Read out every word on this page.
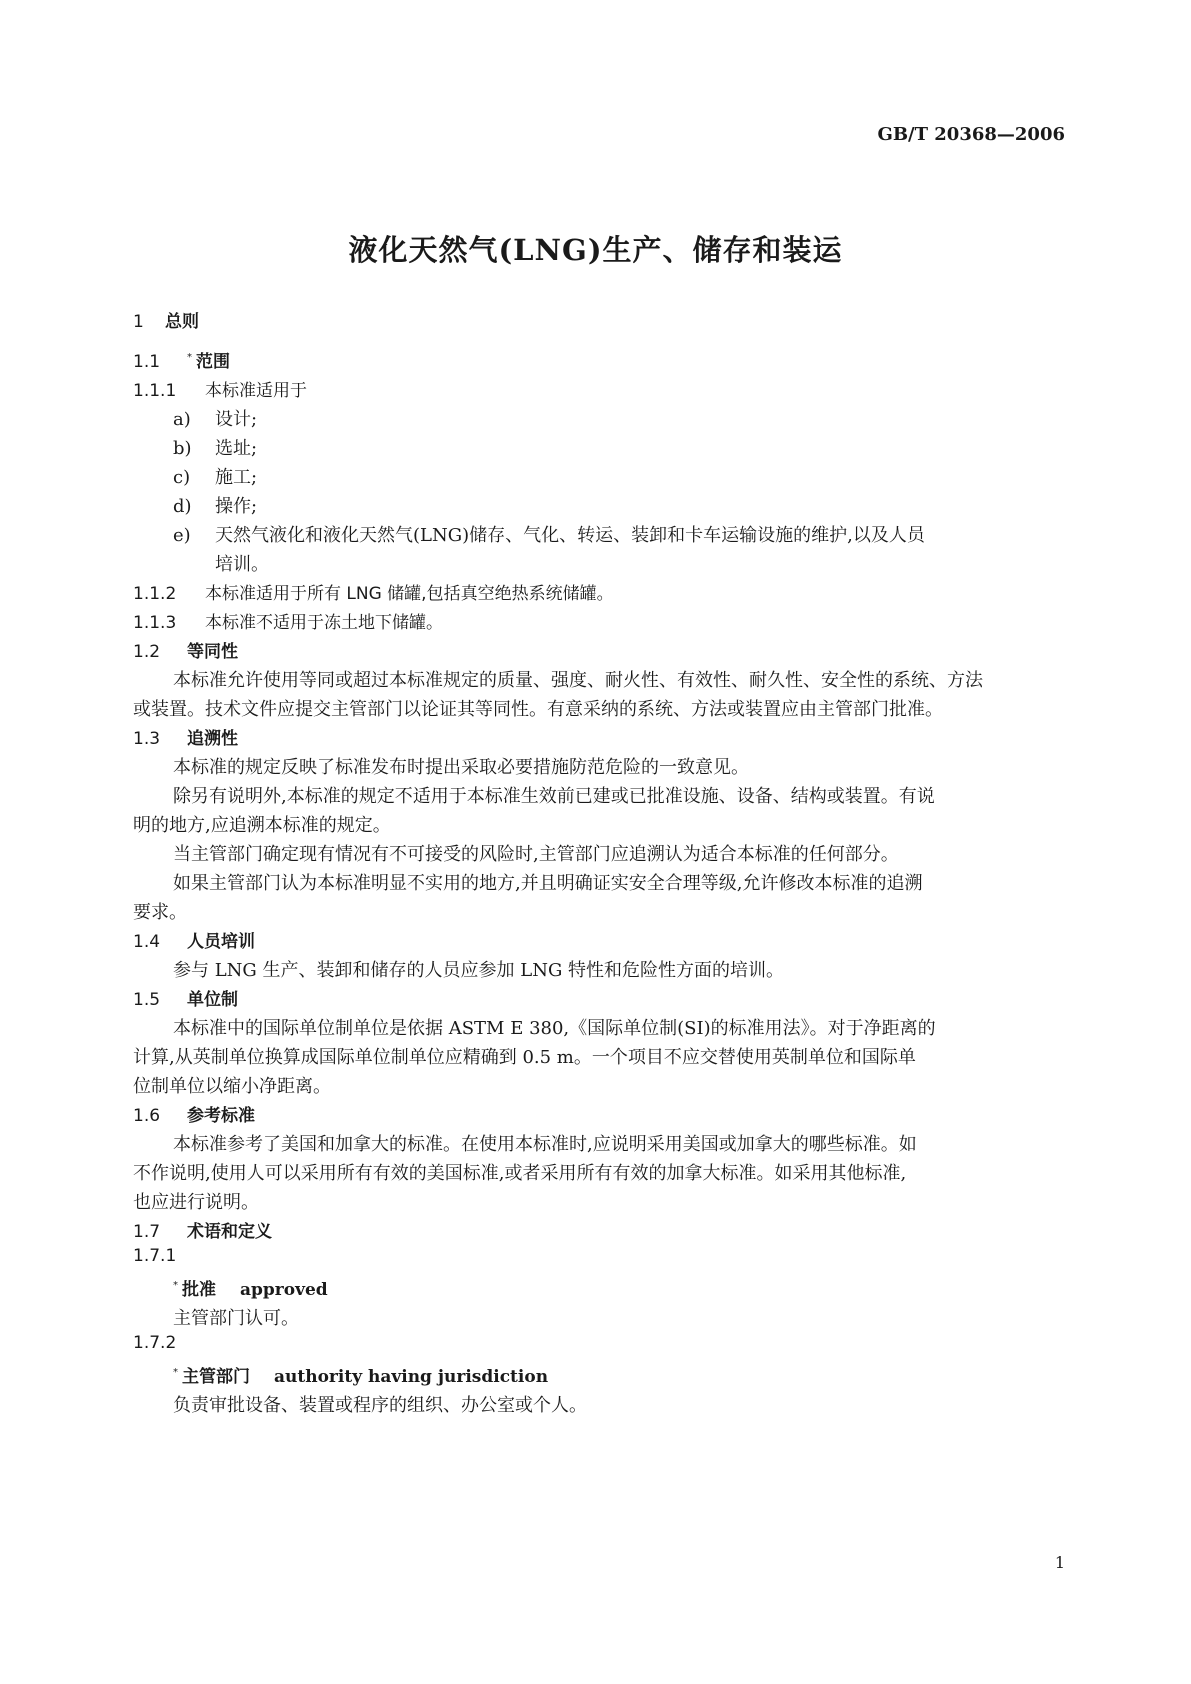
GB/T 20368—2006
液化天然气(LNG)生产、储存和装运
1 总则
1.1	* 范围
1.1.1 本标准适用于
a) 设计;
b) 选址;
c) 施工;
d) 操作;
e) 天然气液化和液化天然气(LNG)储存、气化、转运、装卸和卡车运输设施的维护,以及人员
培训。
1.1.2 本标准适用于所有 LNG 储罐,包括真空绝热系统储罐。
1.1.3 本标准不适用于冻土地下储罐。
1.2 等同性
本标准允许使用等同或超过本标准规定的质量、强度、耐火性、有效性、耐久性、安全性的系统、方法
或装置。技术文件应提交主管部门以论证其等同性。有意采纳的系统、方法或装置应由主管部门批准。
1.3 追溯性
本标准的规定反映了标准发布时提出采取必要措施防范危险的一致意见。
除另有说明外,本标准的规定不适用于本标准生效前已建或已批准设施、设备、结构或装置。有说
明的地方,应追溯本标准的规定。
当主管部门确定现有情况有不可接受的风险时,主管部门应追溯认为适合本标准的任何部分。
如果主管部门认为本标准明显不实用的地方,并且明确证实安全合理等级,允许修改本标准的追溯
要求。
1.4 人员培训
参与 LNG 生产、装卸和储存的人员应参加 LNG 特性和危险性方面的培训。
1.5 单位制
本标准中的国际单位制单位是依据 ASTM E 380,《国际单位制(SI)的标准用法》。对于净距离的
计算,从英制单位换算成国际单位制单位应精确到 0.5 m。一个项目不应交替使用英制单位和国际单
位制单位以缩小净距离。
1.6 参考标准
本标准参考了美国和加拿大的标准。在使用本标准时,应说明采用美国或加拿大的哪些标准。如
不作说明,使用人可以采用所有有效的美国标准,或者采用所有有效的加拿大标准。如采用其他标准,
也应进行说明。
1.7 术语和定义
1.7.1
* 批准 approved
主管部门认可。
1.7.2
* 主管部门 authority having jurisdiction
负责审批设备、装置或程序的组织、办公室或个人。
1
